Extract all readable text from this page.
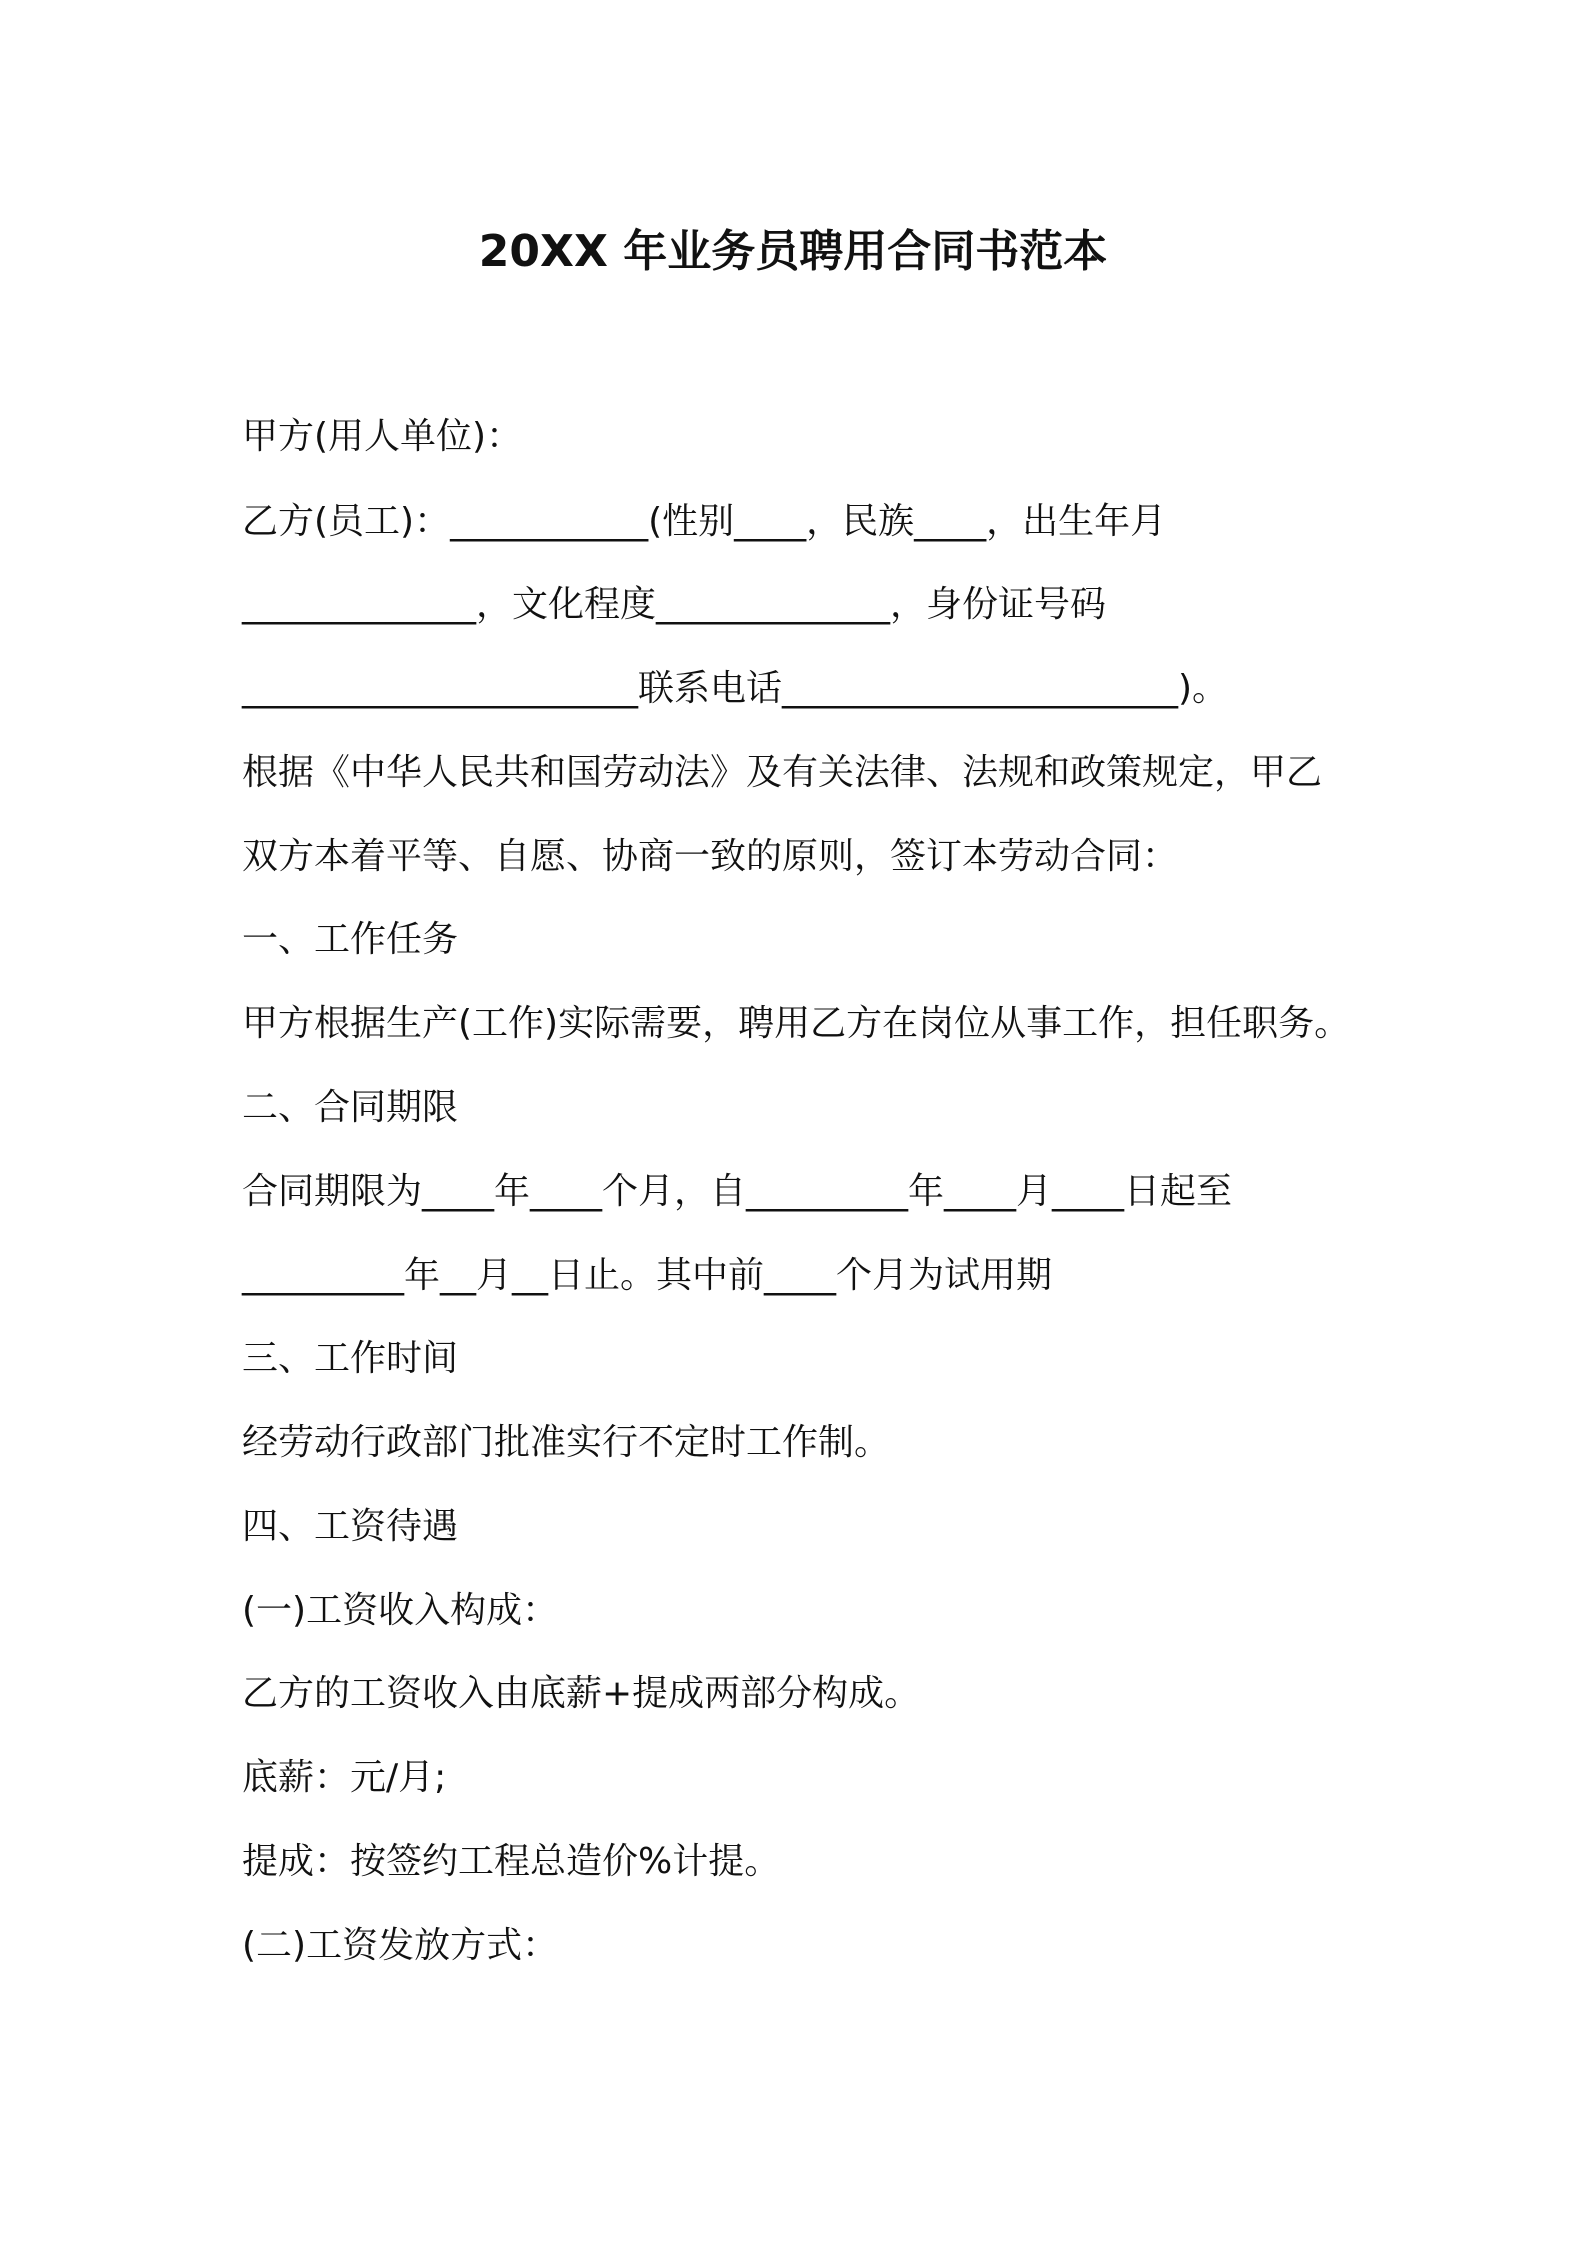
20XX 年业务员聘用合同书范本
甲方(用人单位)：
乙方(员工)：___________(性别____，民族____，出生年月
_____________，文化程度_____________，身份证号码
______________________联系电话______________________)。
根据《中华人民共和国劳动法》及有关法律、法规和政策规定，甲乙
双方本着平等、自愿、协商一致的原则，签订本劳动合同：
一、工作任务
甲方根据生产(工作)实际需要，聘用乙方在岗位从事工作，担任职务。
二、合同期限
合同期限为____年____个月，自_________年____月____日起至
_________年__月__日止。其中前____个月为试用期
三、工作时间
经劳动行政部门批准实行不定时工作制。
四、工资待遇
(一)工资收入构成：
乙方的工资收入由底薪+提成两部分构成。
底薪：元/月;
提成：按签约工程总造价%计提。
(二)工资发放方式：
